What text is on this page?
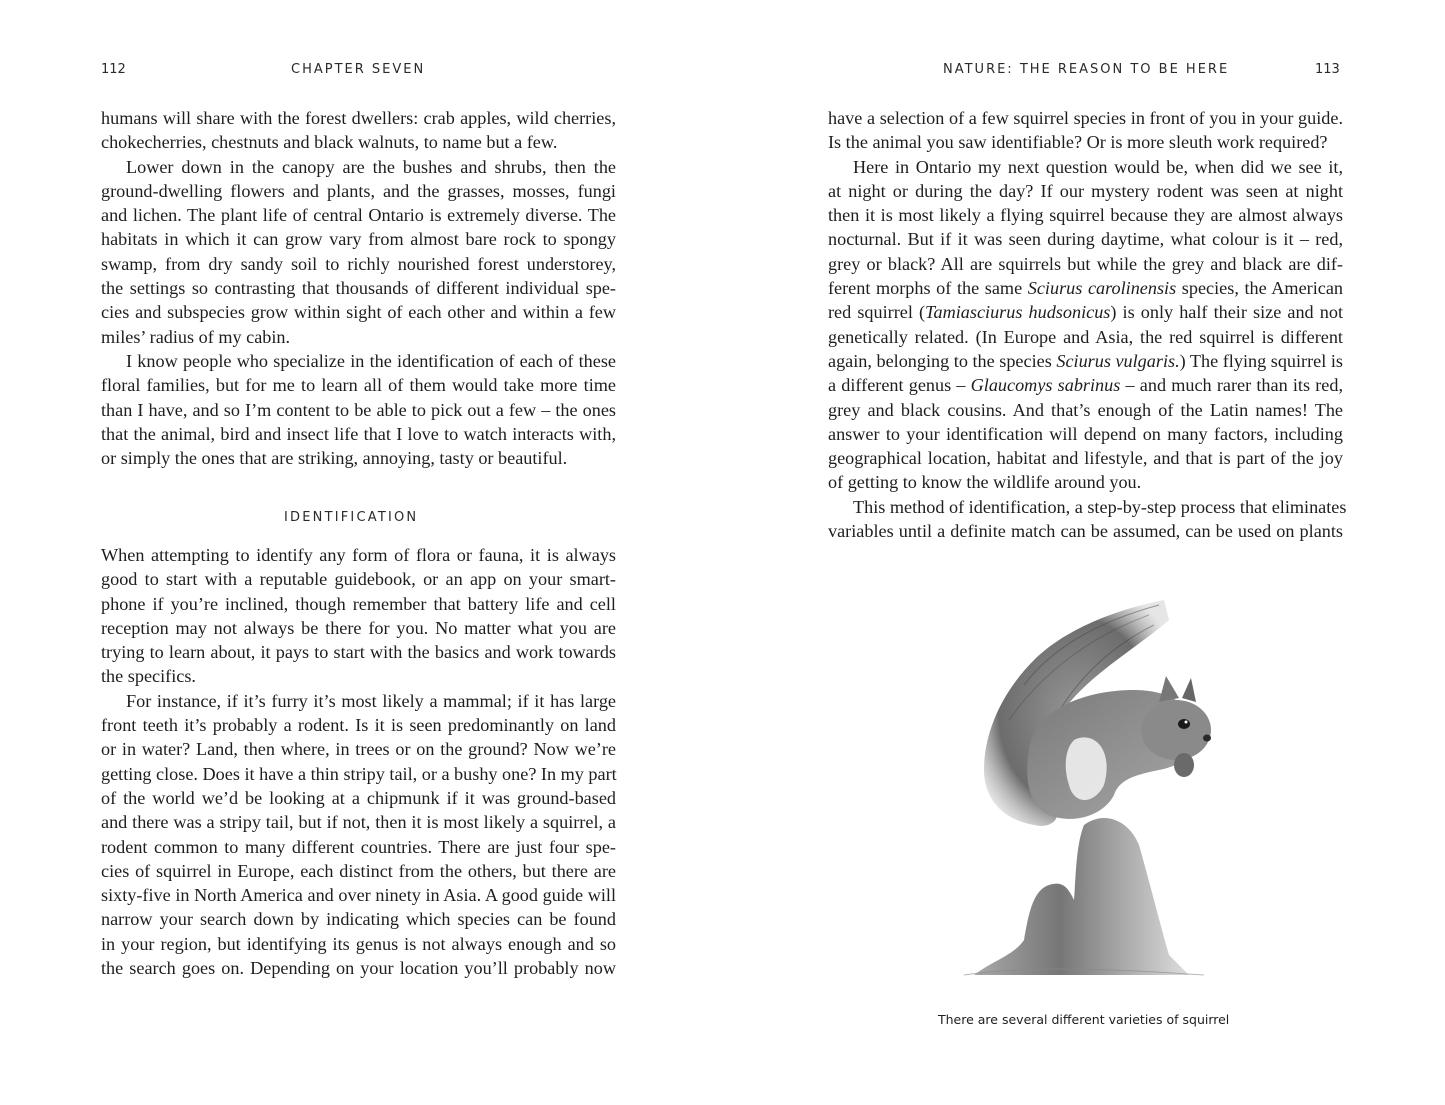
112	CHAPTER SEVEN
humans will share with the forest dwellers: crab apples, wild cherries,
chokecherries, chestnuts and black walnuts, to name but a few.
Lower down in the canopy are the bushes and shrubs, then the
ground-dwelling flowers and plants, and the grasses, mosses, fungi
and lichen. The plant life of central Ontario is extremely diverse. The
habitats in which it can grow vary from almost bare rock to spongy
swamp, from dry sandy soil to richly nourished forest understorey,
the settings so contrasting that thousands of different individual spe-
cies and subspecies grow within sight of each other and within a few
miles’ radius of my cabin.
I know people who specialize in the identification of each of these
floral families, but for me to learn all of them would take more time
than I have, and so I’m content to be able to pick out a few – the ones
that the animal, bird and insect life that I love to watch interacts with,
or simply the ones that are striking, annoying, tasty or beautiful.
IDENTIFICATION
When attempting to identify any form of flora or fauna, it is always
good to start with a reputable guidebook, or an app on your smart-
phone if you’re inclined, though remember that battery life and cell
reception may not always be there for you. No matter what you are
trying to learn about, it pays to start with the basics and work towards
the specifics.
For instance, if it’s furry it’s most likely a mammal; if it has large
front teeth it’s probably a rodent. Is it is seen predominantly on land
or in water? Land, then where, in trees or on the ground? Now we’re
getting close. Does it have a thin stripy tail, or a bushy one? In my part
of the world we’d be looking at a chipmunk if it was ground-based
and there was a stripy tail, but if not, then it is most likely a squirrel, a
rodent common to many different countries. There are just four spe-
cies of squirrel in Europe, each distinct from the others, but there are
sixty-five in North America and over ninety in Asia. A good guide will
narrow your search down by indicating which species can be found
in your region, but identifying its genus is not always enough and so
the search goes on. Depending on your location you’ll probably now
NATURE: THE REASON TO BE HERE	113
have a selection of a few squirrel species in front of you in your guide.
Is the animal you saw identifiable? Or is more sleuth work required?
Here in Ontario my next question would be, when did we see it,
at night or during the day? If our mystery rodent was seen at night
then it is most likely a flying squirrel because they are almost always
nocturnal. But if it was seen during daytime, what colour is it – red,
grey or black? All are squirrels but while the grey and black are dif-
ferent morphs of the same Sciurus carolinensis species, the American
red squirrel (Tamiasciurus hudsonicus) is only half their size and not
genetically related. (In Europe and Asia, the red squirrel is different
again, belonging to the species Sciurus vulgaris.) The flying squirrel is
a different genus – Glaucomys sabrinus – and much rarer than its red,
grey and black cousins. And that’s enough of the Latin names! The
answer to your identification will depend on many factors, including
geographical location, habitat and lifestyle, and that is part of the joy
of getting to know the wildlife around you.
This method of identification, a step-by-step process that eliminates
variables until a definite match can be assumed, can be used on plants
There are several different varieties of squirrel
